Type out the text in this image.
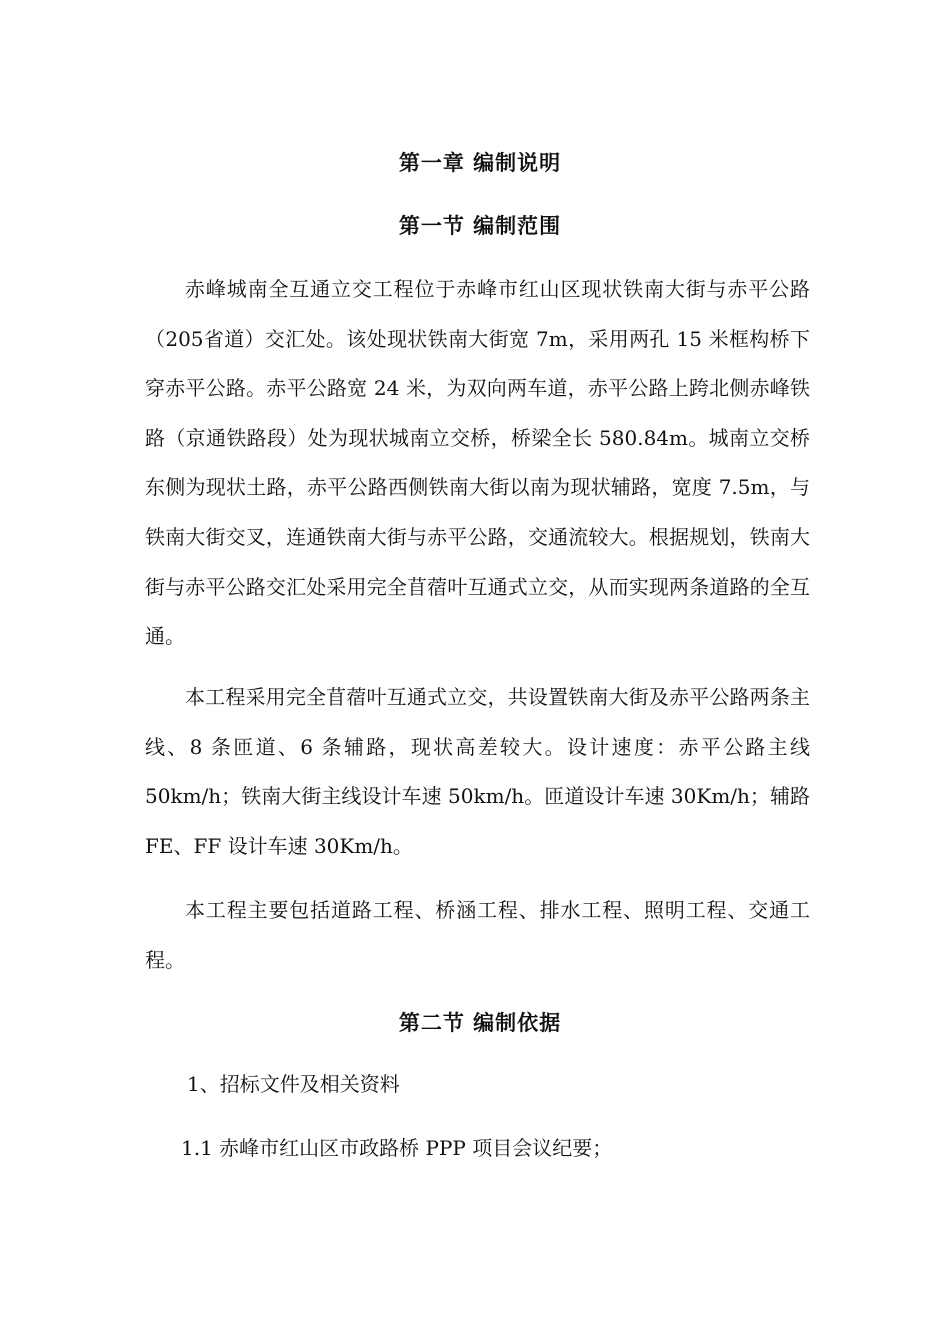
第一章 编制说明
第一节 编制范围

赤峰城南全互通立交工程位于赤峰市红山区现状铁南大街与赤平公路（205省道）交汇处。该处现状铁南大街宽 7m，采用两孔 15 米框构桥下穿赤平公路。赤平公路宽 24 米，为双向两车道，赤平公路上跨北侧赤峰铁路（京通铁路段）处为现状城南立交桥，桥梁全长 580.84m。城南立交桥东侧为现状土路，赤平公路西侧铁南大街以南为现状辅路，宽度 7.5m，与铁南大街交叉，连通铁南大街与赤平公路，交通流较大。根据规划，铁南大街与赤平公路交汇处采用完全苜蓿叶互通式立交，从而实现两条道路的全互通。

本工程采用完全苜蓿叶互通式立交，共设置铁南大街及赤平公路两条主线、8 条匝道、6 条辅路，现状高差较大。设计速度：赤平公路主线 50km/h；铁南大街主线设计车速 50km/h。匝道设计车速 30Km/h；辅路 FE、FF 设计车速 30Km/h。

本工程主要包括道路工程、桥涵工程、排水工程、照明工程、交通工程。

第二节 编制依据
1、招标文件及相关资料
1.1 赤峰市红山区市政路桥 PPP 项目会议纪要；
